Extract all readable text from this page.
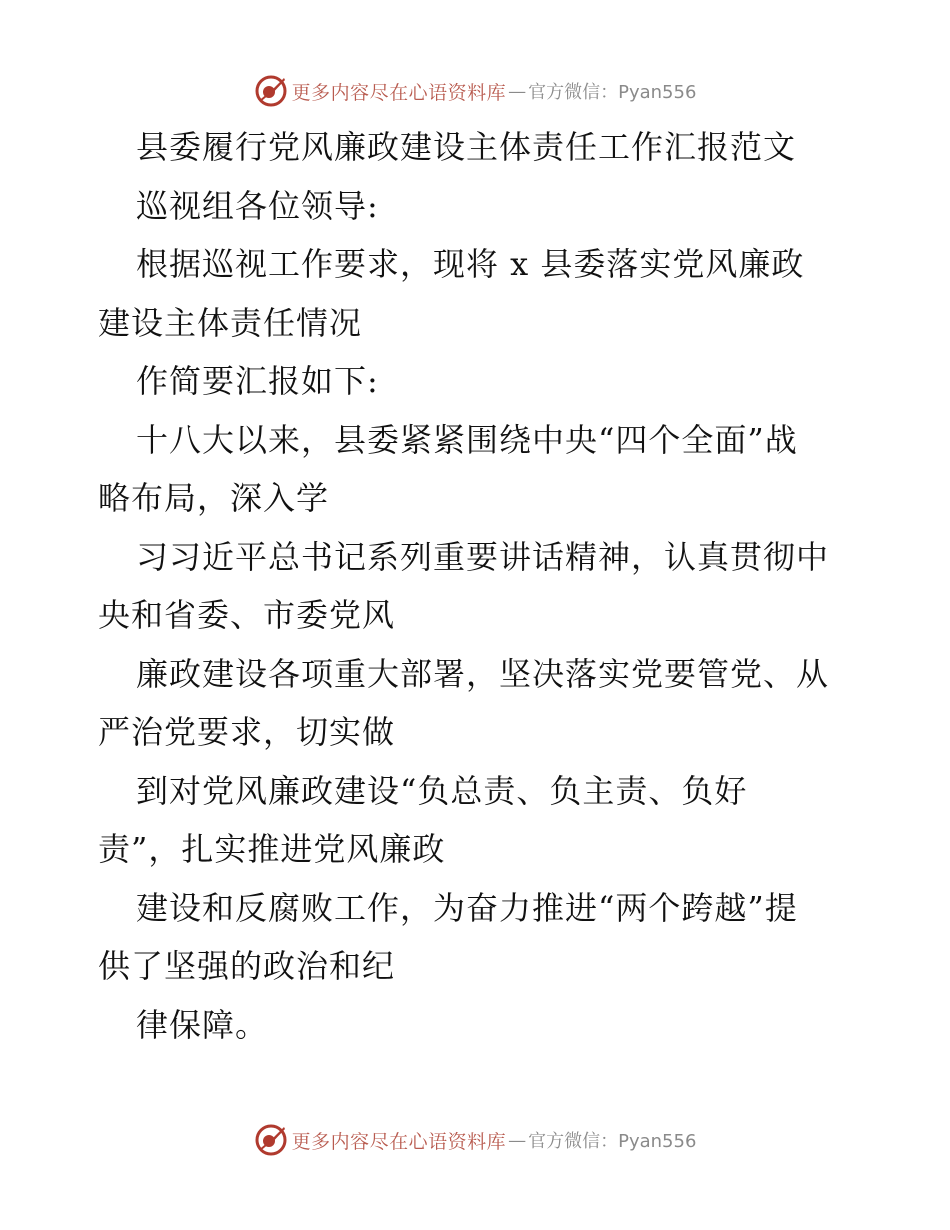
更多内容尽在心语资料库 — 官方微信：Pyan556
县委履行党风廉政建设主体责任工作汇报范文
巡视组各位领导:
根据巡视工作要求，现将 x 县委落实党风廉政
建设主体责任情况
作简要汇报如下:
十八大以来，县委紧紧围绕中央“四个全面”战
略布局，深入学
习习近平总书记系列重要讲话精神，认真贯彻中
央和省委、市委党风
廉政建设各项重大部署，坚决落实党要管党、从
严治党要求，切实做
到对党风廉政建设“负总责、负主责、负好
责”，扎实推进党风廉政
建设和反腐败工作，为奋力推进“两个跨越”提
供了坚强的政治和纪
律保障。
更多内容尽在心语资料库 — 官方微信：Pyan556
